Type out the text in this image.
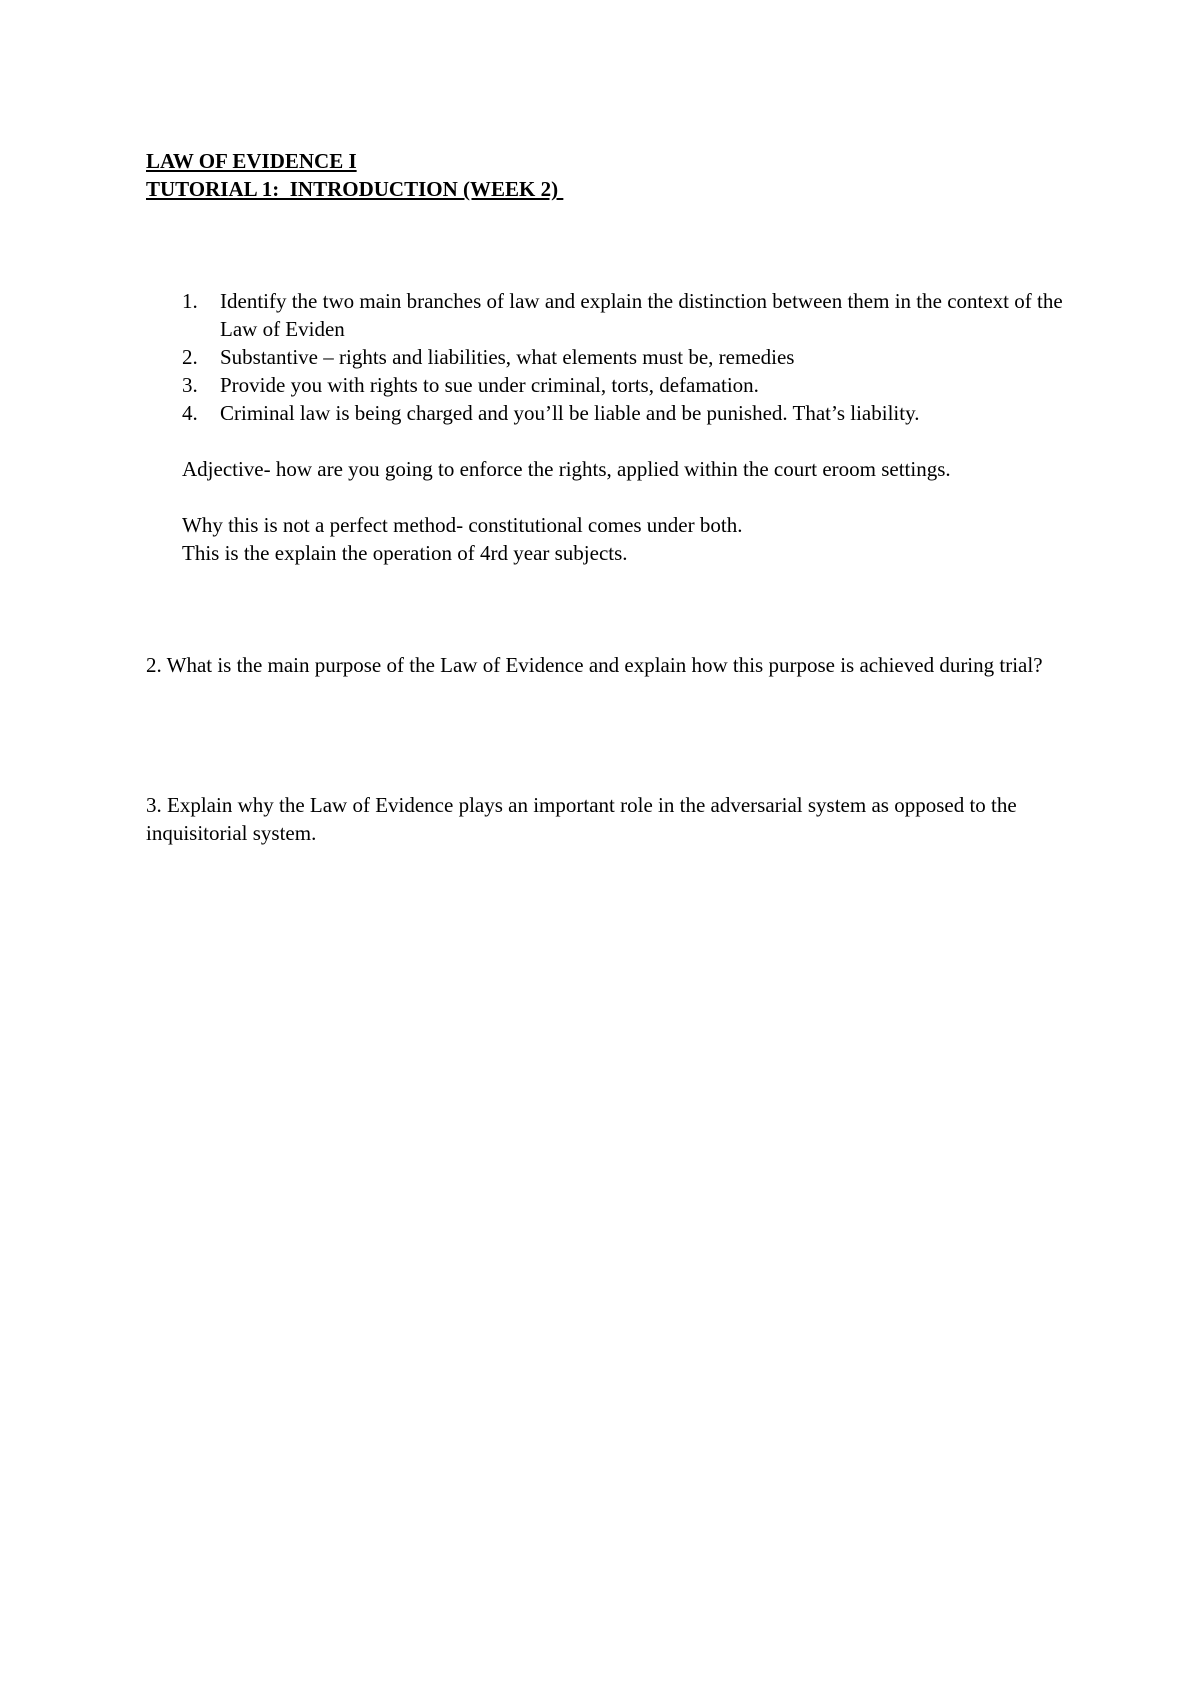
LAW OF EVIDENCE I

TUTORIAL 1:  INTRODUCTION (WEEK 2)

1. Identify the two main branches of law and explain the distinction between them in the context of the Law of Eviden
2. Substantive – rights and liabilities, what elements must be, remedies
3. Provide you with rights to sue under criminal, torts, defamation.
4. Criminal law is being charged and you’ll be liable and be punished. That’s liability.

Adjective- how are you going to enforce the rights, applied within the court eroom settings.

Why this is not a perfect method- constitutional comes under both.

This is the explain the operation of 4rd year subjects.

2. What is the main purpose of the Law of Evidence and explain how this purpose is achieved during trial?

3. Explain why the Law of Evidence plays an important role in the adversarial system as opposed to the inquisitorial system.
